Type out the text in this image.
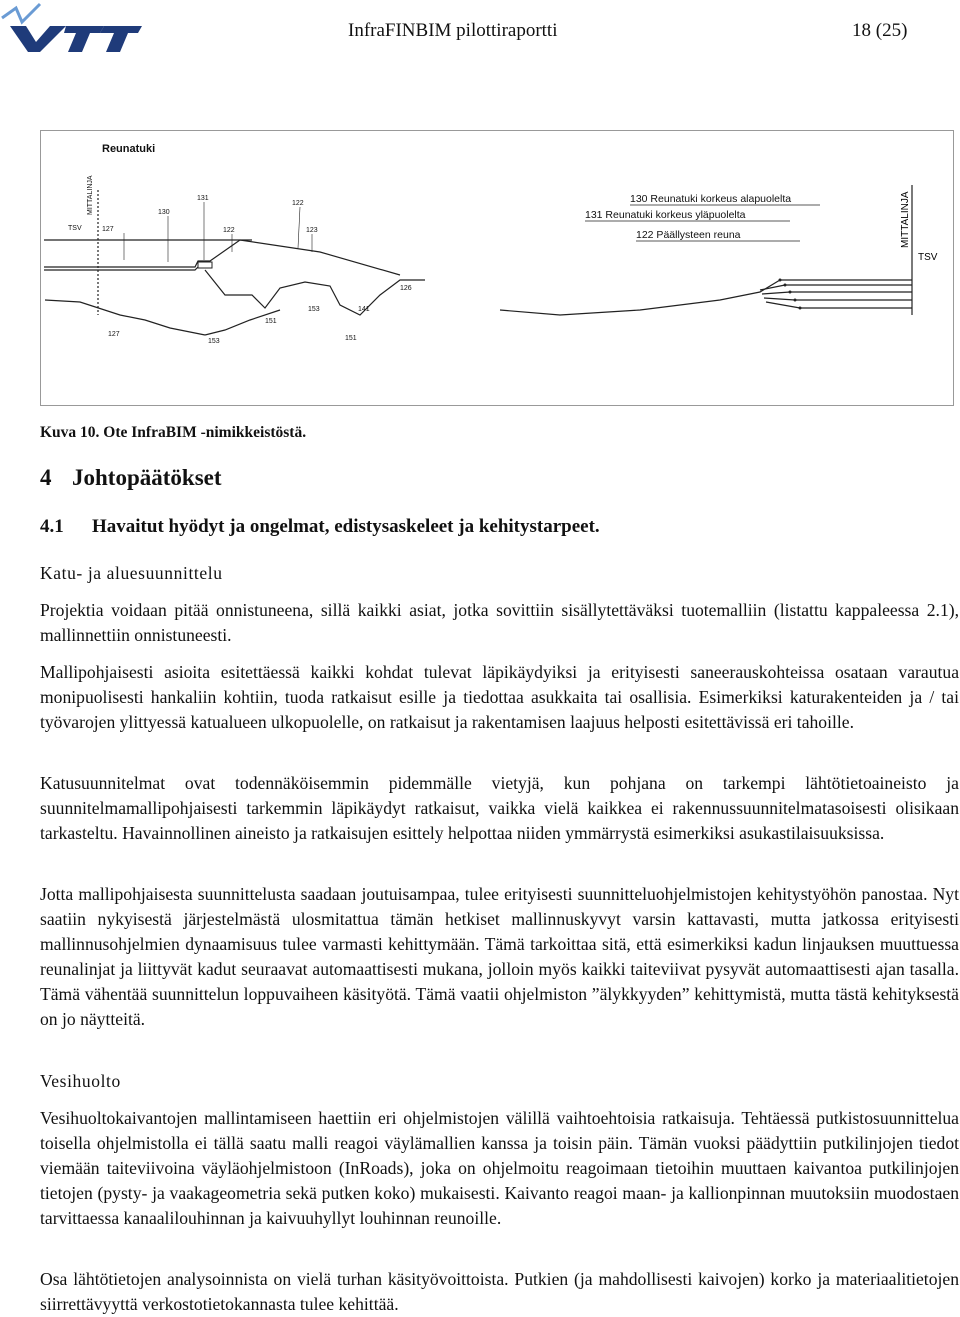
InfraFINBIM pilottiraportti	18 (25)
Reunatuki
TSV
MITTALINJA
127
130
131
122
122
123
126
153	141
151
153	151
127
130 Reunatuki korkeus alapuolelta
131 Reunatuki korkeus yläpuolelta
122 Päällysteen reuna	MITTALINJA
TSV
Kuva 10. Ote InfraBIM -nimikkeistöstä.
4 Johtopäätökset
4.1 Havaitut hyödyt ja ongelmat, edistysaskeleet ja kehitystarpeet.
Katu- ja aluesuunnittelu

Projektia voidaan pitää onnistuneena, sillä kaikki asiat, jotka sovittiin sisällytettäväksi tuotemalliin (listattu kappaleessa 2.1), mallinnettiin onnistuneesti.

Mallipohjaisesti asioita esitettäessä kaikki kohdat tulevat läpikäydyiksi ja erityisesti saneerauskohteissa osataan varautua monipuolisesti hankaliin kohtiin, tuoda ratkaisut esille ja tiedottaa asukkaita tai osallisia. Esimerkiksi katurakenteiden ja / tai työvarojen ylittyessä katualueen ulkopuolelle, on ratkaisut ja rakentamisen laajuus helposti esitettävissä eri tahoille.

Katusuunnitelmat ovat todennäköisemmin pidemmälle vietyjä, kun pohjana on tarkempi lähtötietoaineisto ja suunnitelmamallipohjaisesti tarkemmin läpikäydyt ratkaisut, vaikka vielä kaikkea ei rakennussuunnitelmatasoisesti olisikaan tarkasteltu. Havainnollinen aineisto ja ratkaisujen esittely helpottaa niiden ymmärrystä esimerkiksi asukastilaisuuksissa.

Jotta mallipohjaisesta suunnittelusta saadaan joutuisampaa, tulee erityisesti suunnitteluohjelmistojen kehitystyöhön panostaa. Nyt saatiin nykyisestä järjestelmästä ulosmitattua tämän hetkiset mallinnuskyvyt varsin kattavasti, mutta jatkossa erityisesti mallinnusohjelmien dynaamisuus tulee varmasti kehittymään. Tämä tarkoittaa sitä, että esimerkiksi kadun linjauksen muuttuessa reunalinjat ja liittyvät kadut seuraavat automaattisesti mukana, jolloin myös kaikki taiteviivat pysyvät automaattisesti ajan tasalla. Tämä vähentää suunnittelun loppuvaiheen käsityötä. Tämä vaatii ohjelmiston ”älykkyyden” kehittymistä, mutta tästä kehityksestä on jo näytteitä.

Vesihuolto

Vesihuoltokaivantojen mallintamiseen haettiin eri ohjelmistojen välillä vaihtoehtoisia ratkaisuja. Tehtäessä putkistosuunnittelua toisella ohjelmistolla ei tällä saatu malli reagoi väylämallien kanssa ja toisin päin. Tämän vuoksi päädyttiin putkilinjojen tiedot viemään taiteviivoina väyläohjelmistoon (InRoads), joka on ohjelmoitu reagoimaan tietoihin muuttaen kaivantoa putkilinjojen tietojen (pysty- ja vaakageometria sekä putken koko) mukaisesti. Kaivanto reagoi maan- ja kallionpinnan muutoksiin muodostaen tarvittaessa kanaalilouhinnan ja kaivuuhyllyt louhinnan reunoille.

Osa lähtötietojen analysoinnista on vielä turhan käsityövoittoista. Putkien (ja mahdollisesti kaivojen) korko ja materiaalitietojen siirrettävyyttä verkostotietokannasta tulee kehittää.
